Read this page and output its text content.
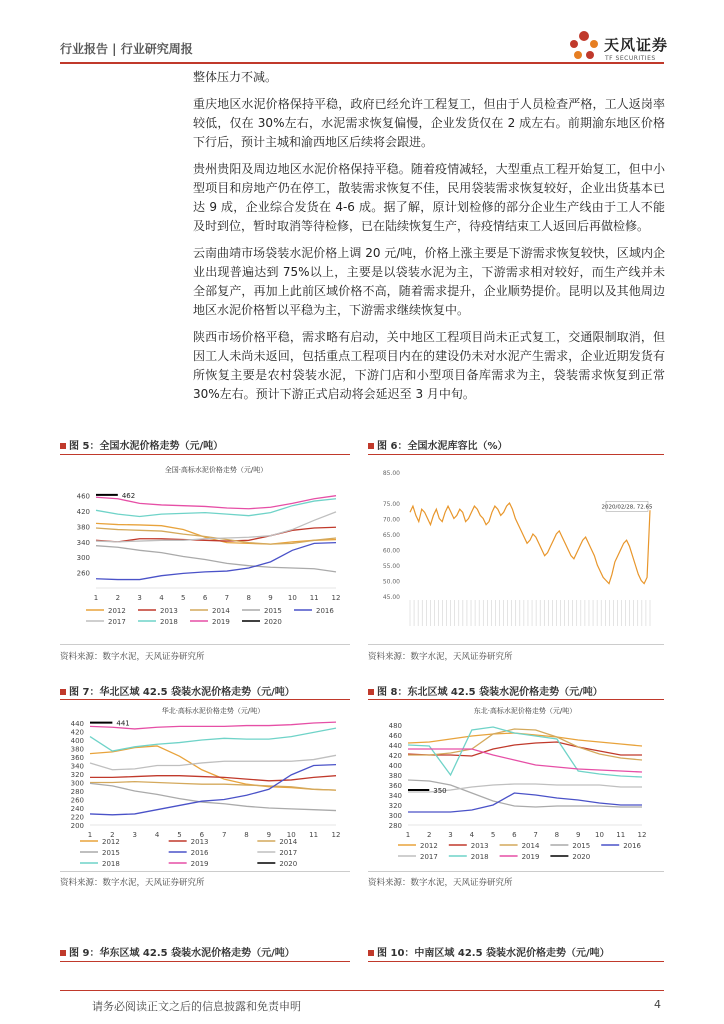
行业报告 | 行业研究周报	天风证券
TF SECURITIES

整体压力不减。

重庆地区水泥价格保持平稳，政府已经允许工程复工，但由于人员检查严格，工人返岗率较低，仅在 30%左右，水泥需求恢复偏慢，企业发货仅在 2 成左右。前期渝东地区价格下行后，预计主城和渝西地区后续将会跟进。

贵州贵阳及周边地区水泥价格保持平稳。随着疫情减轻，大型重点工程开始复工，但中小型项目和房地产仍在停工，散装需求恢复不佳，民用袋装需求恢复较好，企业出货基本已达 9 成，企业综合发货在 4-6 成。据了解，原计划检修的部分企业生产线由于工人不能及时到位，暂时取消等待检修，已在陆续恢复生产，待疫情结束工人返回后再做检修。

云南曲靖市场袋装水泥价格上调 20 元/吨，价格上涨主要是下游需求恢复较快，区域内企业出现普遍达到 75%以上，主要是以袋装水泥为主，下游需求相对较好，而生产线并未全部复产，再加上此前区域价格不高，随着需求提升，企业顺势提价。昆明以及其他周边地区水泥价格暂以平稳为主，下游需求继续恢复中。

陕西市场价格平稳，需求略有启动，关中地区工程项目尚未正式复工，交通限制取消，但因工人未尚未返回，包括重点工程项目内在的建设仍未对水泥产生需求，企业近期发货有所恢复主要是农村袋装水泥，下游门店和小型项目备库需求为主，袋装需求恢复到正常 30%左右。预计下游正式启动将会延迟至 3 月中旬。

图 5：全国水泥价格走势（元/吨）
全国·高标水泥价格走势（元/吨）
260
300
340
380
420
460
1 2 3 4 5 6 7 8 9 10 11 12
462
2012	2013	2014	2015	2016
2017	2018	2019	2020
资料来源：数字水泥，天风证券研究所
图 6：全国水泥库容比（%）
85.00
75.00
70.00
65.00
60.00
55.00
50.00
45.00
2020/02/28, 72.65
资料来源：数字水泥，天风证券研究所
图 7：华北区域 42.5 袋装水泥价格走势（元/吨）
华北·高标水泥价格走势（元/吨）
200
220
240
260
280
300
320
340
360
380
400
420
440
1	2	3	4	5	6	7	8	9 10 11 12
441
2012	2013	2014
2015	2016	2017
2018	2019	2020
资料来源：数字水泥，天风证券研究所
图 8：东北区域 42.5 袋装水泥价格走势（元/吨）
东北·高标水泥价格走势（元/吨）
280
300
320
340
360
380
400
420
440
460
480
1 2 3 4 5 6 7 8 9 10 11 12
350
2012	2013	2014	2015	2016
2017	2018	2019	2020
资料来源：数字水泥，天风证券研究所
图 9：华东区域 42.5 袋装水泥价格走势（元/吨）	图 10：中南区域 42.5 袋装水泥价格走势（元/吨）
请务必阅读正文之后的信息披露和免责申明	4
